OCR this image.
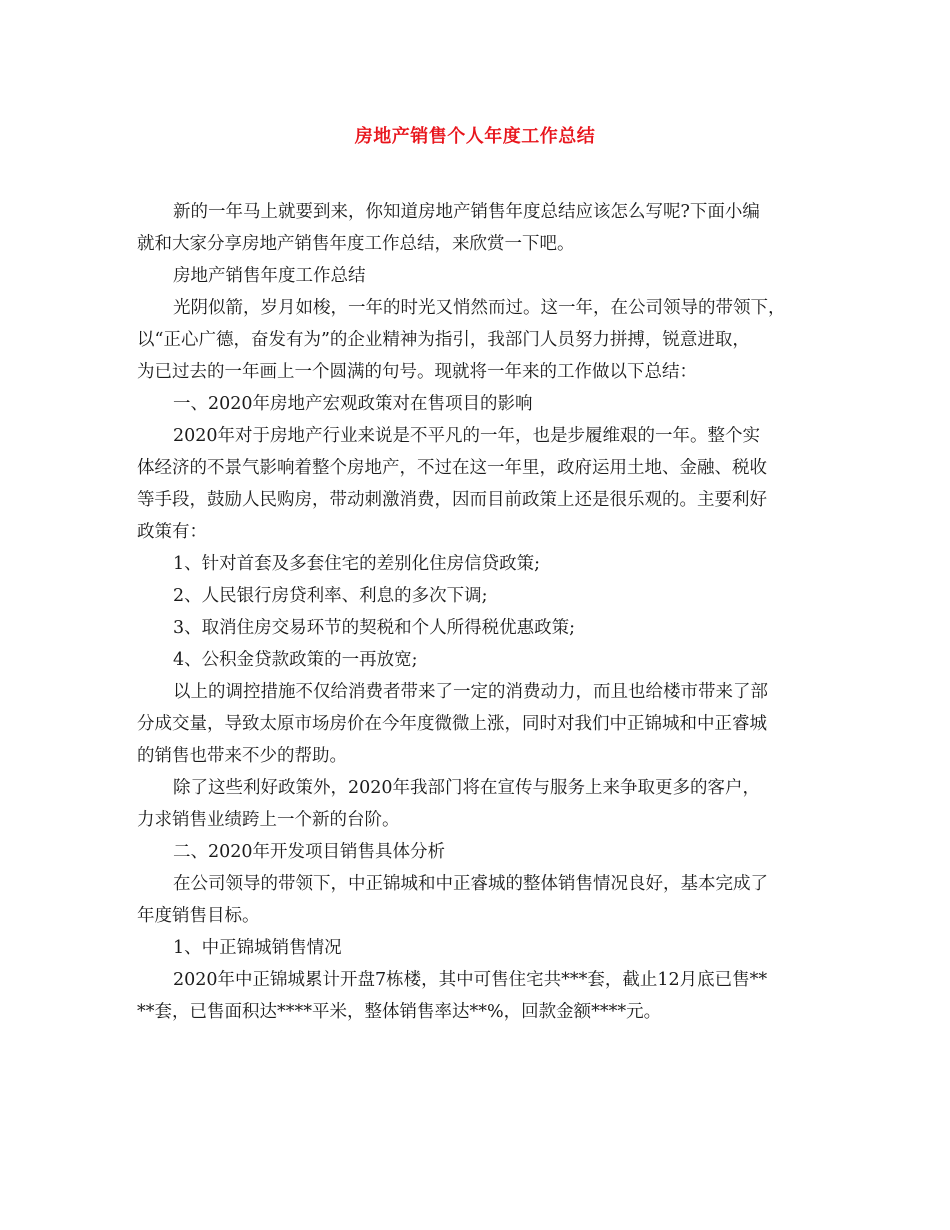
房地产销售个人年度工作总结

新的一年马上就要到来，你知道房地产销售年度总结应该怎么写呢?下面小编
就和大家分享房地产销售年度工作总结，来欣赏一下吧。

房地产销售年度工作总结

光阴似箭，岁月如梭，一年的时光又悄然而过。这一年，在公司领导的带领下，
以“正心广德，奋发有为”的企业精神为指引，我部门人员努力拼搏，锐意进取，
为已过去的一年画上一个圆满的句号。现就将一年来的工作做以下总结：

一、2020年房地产宏观政策对在售项目的影响

2020年对于房地产行业来说是不平凡的一年，也是步履维艰的一年。整个实
体经济的不景气影响着整个房地产，不过在这一年里，政府运用土地、金融、税收
等手段，鼓励人民购房，带动刺激消费，因而目前政策上还是很乐观的。主要利好
政策有：

1、针对首套及多套住宅的差别化住房信贷政策;

2、人民银行房贷利率、利息的多次下调;

3、取消住房交易环节的契税和个人所得税优惠政策;

4、公积金贷款政策的一再放宽;

以上的调控措施不仅给消费者带来了一定的消费动力，而且也给楼市带来了部
分成交量，导致太原市场房价在今年度微微上涨，同时对我们中正锦城和中正睿城
的销售也带来不少的帮助。

除了这些利好政策外，2020年我部门将在宣传与服务上来争取更多的客户，
力求销售业绩跨上一个新的台阶。

二、2020年开发项目销售具体分析

在公司领导的带领下，中正锦城和中正睿城的整体销售情况良好，基本完成了
年度销售目标。

1、中正锦城销售情况

2020年中正锦城累计开盘7栋楼，其中可售住宅共***套，截止12月底已售**
**套，已售面积达****平米，整体销售率达**%，回款金额****元。
